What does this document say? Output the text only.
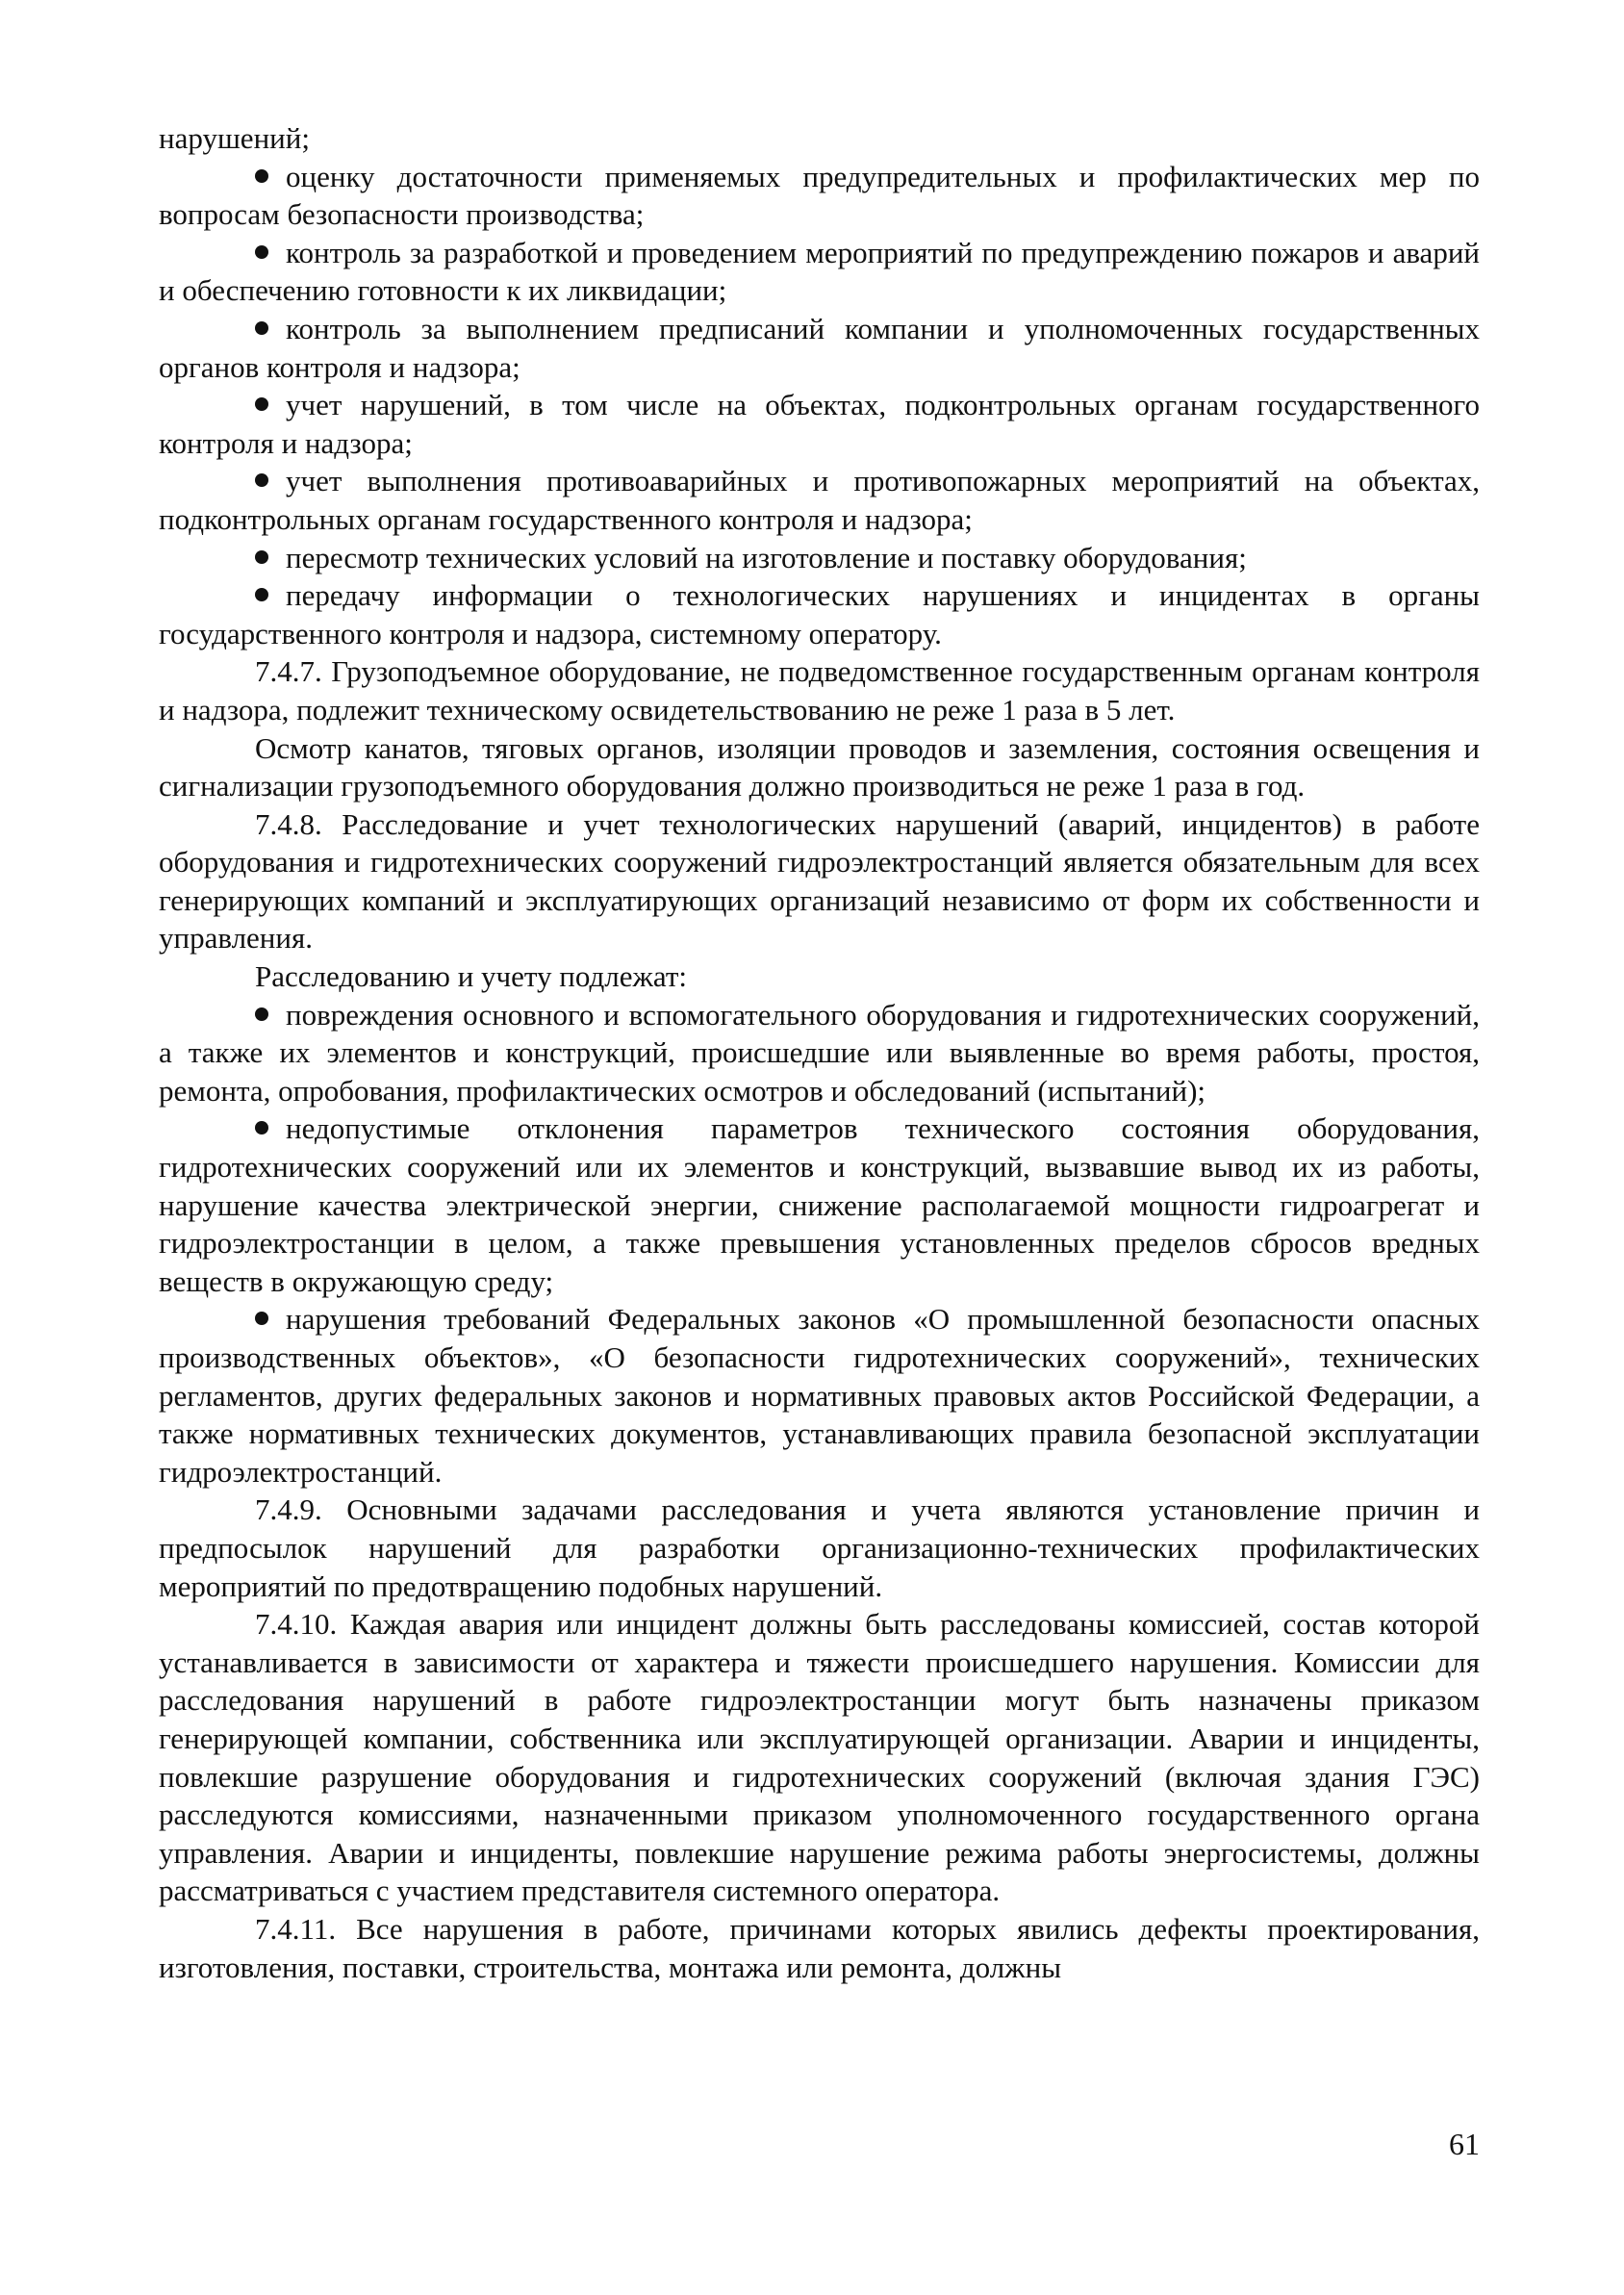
нарушений;

оценку достаточности применяемых предупредительных и профилактических мер по вопросам безопасности производства;

контроль за разработкой и проведением мероприятий по предупреждению пожаров и аварий и обеспечению готовности к их ликвидации;

контроль за выполнением предписаний компании и уполномоченных государственных органов контроля и надзора;

учет нарушений, в том числе на объектах, подконтрольных органам государственного контроля и надзора;

учет выполнения противоаварийных и противопожарных мероприятий на объектах, подконтрольных органам государственного контроля и надзора;

пересмотр технических условий на изготовление и поставку оборудования;

передачу информации о технологических нарушениях и инцидентах в органы государственного контроля и надзора, системному оператору.

7.4.7. Грузоподъемное оборудование, не подведомственное государственным органам контроля и надзора, подлежит техническому освидетельствованию не реже 1 раза в 5 лет.

Осмотр канатов, тяговых органов, изоляции проводов и заземления, состояния освещения и сигнализации грузоподъемного оборудования должно производиться не реже 1 раза в год.

7.4.8. Расследование и учет технологических нарушений (аварий, инцидентов) в работе оборудования и гидротехнических сооружений гидроэлектростанций является обязательным для всех генерирующих компаний и эксплуатирующих организаций независимо от форм их собственности и управления.

Расследованию и учету подлежат:

повреждения основного и вспомогательного оборудования и гидротехнических сооружений, а также их элементов и конструкций, происшедшие или выявленные во время работы, простоя, ремонта, опробования, профилактических осмотров и обследований (испытаний);

недопустимые отклонения параметров технического состояния оборудования, гидротехнических сооружений или их элементов и конструкций, вызвавшие вывод их из работы, нарушение качества электрической энергии, снижение располагаемой мощности гидроагрегат и гидроэлектростанции в целом, а также превышения установленных пределов сбросов вредных веществ в окружающую среду;

нарушения требований Федеральных законов «О промышленной безопасности опасных производственных объектов», «О безопасности гидротехнических сооружений», технических регламентов, других федеральных законов и нормативных правовых актов Российской Федерации, а также нормативных технических документов, устанавливающих правила безопасной эксплуатации гидроэлектростанций.

7.4.9. Основными задачами расследования и учета являются установление причин и предпосылок нарушений для разработки организационно-технических профилактических мероприятий по предотвращению подобных нарушений.

7.4.10. Каждая авария или инцидент должны быть расследованы комиссией, состав которой устанавливается в зависимости от характера и тяжести происшедшего нарушения. Комиссии для расследования нарушений в работе гидроэлектростанции могут быть назначены приказом генерирующей компании, собственника или эксплуатирующей организации. Аварии и инциденты, повлекшие разрушение оборудования и гидротехнических сооружений (включая здания ГЭС) расследуются комиссиями, назначенными приказом уполномоченного государственного органа управления. Аварии и инциденты, повлекшие нарушение режима работы энергосистемы, должны рассматриваться с участием представителя системного оператора.

7.4.11. Все нарушения в работе, причинами которых явились дефекты проектирования, изготовления, поставки, строительства, монтажа или ремонта, должны

61
